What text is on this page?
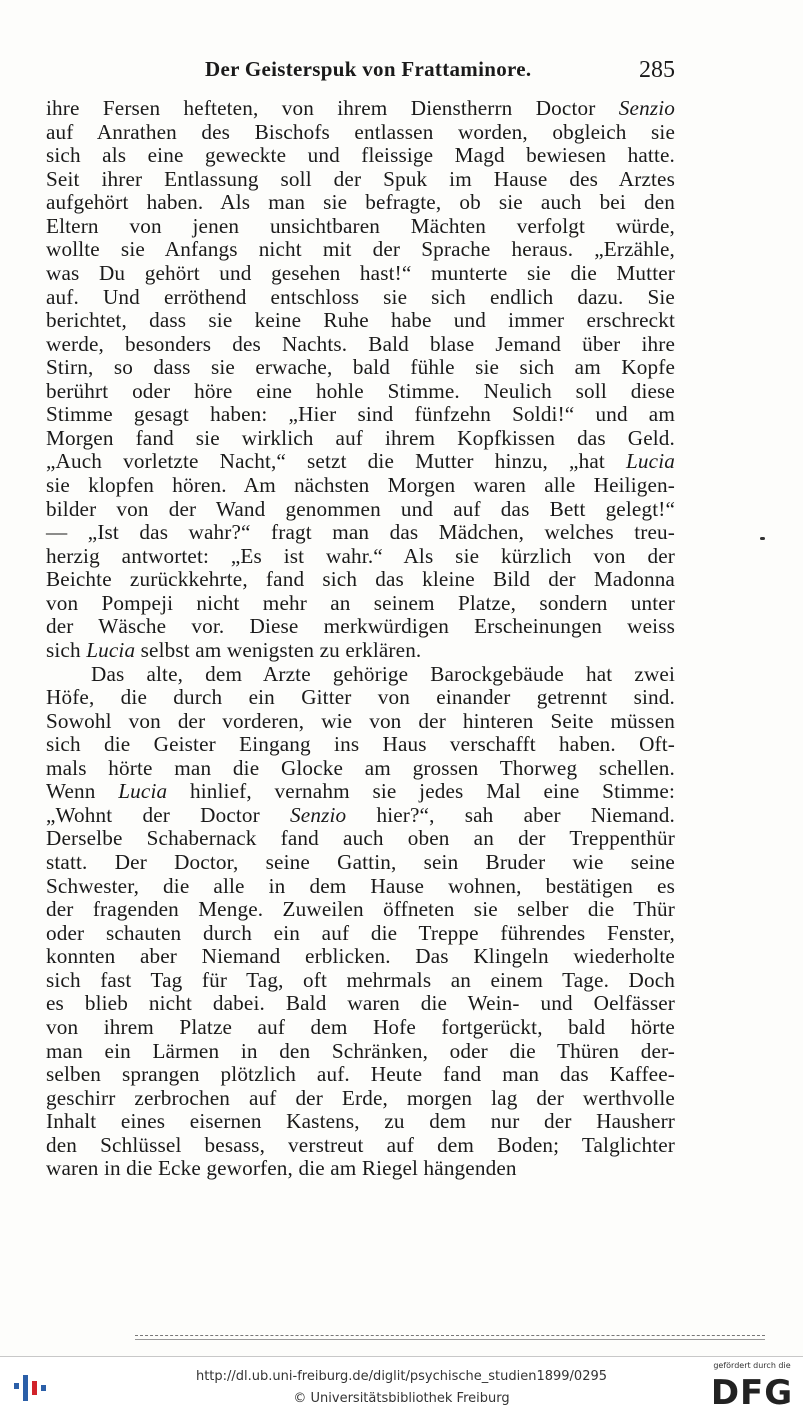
Der Geisterspuk von Frattaminore.	285
ihre Fersen hefteten, von ihrem Dienstherrn Doctor Senzio
auf Anrathen des Bischofs entlassen worden, obgleich sie
sich als eine geweckte und fleissige Magd bewiesen hatte.
Seit ihrer Entlassung soll der Spuk im Hause des Arztes
aufgehört haben. Als man sie befragte, ob sie auch bei den
Eltern von jenen unsichtbaren Mächten verfolgt würde,
wollte sie Anfangs nicht mit der Sprache heraus. „Erzähle,
was Du gehört und gesehen hast!“ munterte sie die Mutter
auf. Und erröthend entschloss sie sich endlich dazu. Sie
berichtet, dass sie keine Ruhe habe und immer erschreckt
werde, besonders des Nachts. Bald blase Jemand über ihre
Stirn, so dass sie erwache, bald fühle sie sich am Kopfe
berührt oder höre eine hohle Stimme. Neulich soll diese
Stimme gesagt haben: „Hier sind fünfzehn Soldi!“ und am
Morgen fand sie wirklich auf ihrem Kopfkissen das Geld.
„Auch vorletzte Nacht,“ setzt die Mutter hinzu, „hat Lucia
sie klopfen hören. Am nächsten Morgen waren alle Heiligen-
bilder von der Wand genommen und auf das Bett gelegt!“
— „Ist das wahr?“ fragt man das Mädchen, welches treu-
herzig antwortet: „Es ist wahr.“ Als sie kürzlich von der
Beichte zurückkehrte, fand sich das kleine Bild der Madonna
von Pompeji nicht mehr an seinem Platze, sondern unter
der Wäsche vor. Diese merkwürdigen Erscheinungen weiss
sich Lucia selbst am wenigsten zu erklären.
Das alte, dem Arzte gehörige Barockgebäude hat zwei
Höfe, die durch ein Gitter von einander getrennt sind.
Sowohl von der vorderen, wie von der hinteren Seite müssen
sich die Geister Eingang ins Haus verschafft haben. Oft-
mals hörte man die Glocke am grossen Thorweg schellen.
Wenn Lucia hinlief, vernahm sie jedes Mal eine Stimme:
„Wohnt der Doctor Senzio hier?“, sah aber Niemand.
Derselbe Schabernack fand auch oben an der Treppenthür
statt. Der Doctor, seine Gattin, sein Bruder wie seine
Schwester, die alle in dem Hause wohnen, bestätigen es
der fragenden Menge. Zuweilen öffneten sie selber die Thür
oder schauten durch ein auf die Treppe führendes Fenster,
konnten aber Niemand erblicken. Das Klingeln wiederholte
sich fast Tag für Tag, oft mehrmals an einem Tage. Doch
es blieb nicht dabei. Bald waren die Wein- und Oelfässer
von ihrem Platze auf dem Hofe fortgerückt, bald hörte
man ein Lärmen in den Schränken, oder die Thüren der-
selben sprangen plötzlich auf. Heute fand man das Kaffee-
geschirr zerbrochen auf der Erde, morgen lag der werthvolle
Inhalt eines eisernen Kastens, zu dem nur der Hausherr
den Schlüssel besass, verstreut auf dem Boden; Talglichter
waren in die Ecke geworfen, die am Riegel hängenden
http://dl.ub.uni-freiburg.de/diglit/psychische_studien1899/0295
© Universitätsbibliothek Freiburg
gefördert durch die
DFG
